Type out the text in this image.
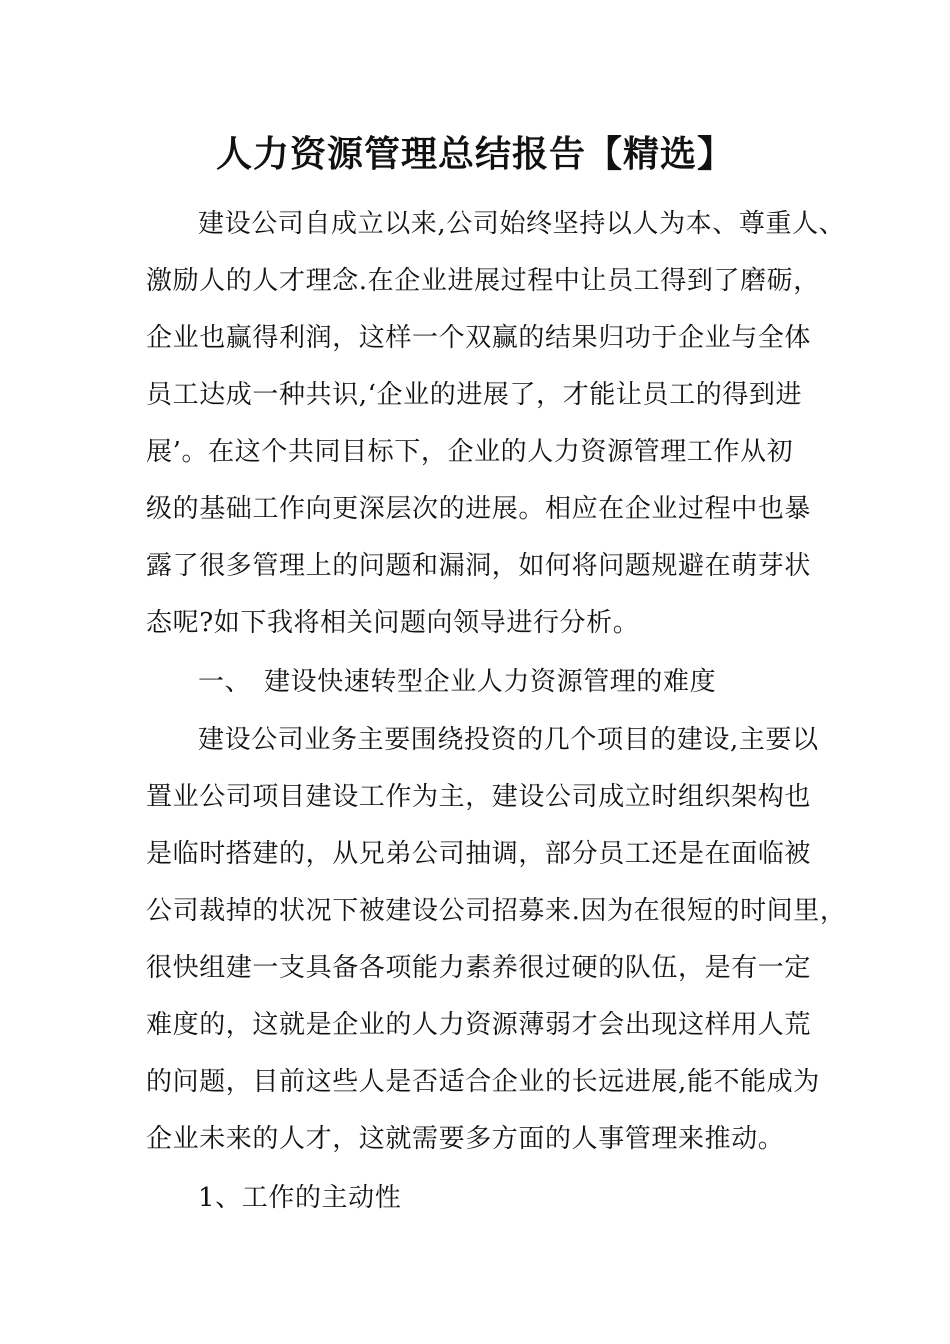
人力资源管理总结报告【精选】

建设公司自成立以来,公司始终坚持以人为本、尊重人、

激励人的人才理念.在企业进展过程中让员工得到了磨砺，

企业也赢得利润，这样一个双赢的结果归功于企业与全体

员工达成一种共识,‘企业的进展了，才能让员工的得到进

展’。在这个共同目标下，企业的人力资源管理工作从初

级的基础工作向更深层次的进展。相应在企业过程中也暴

露了很多管理上的问题和漏洞，如何将问题规避在萌芽状

态呢?如下我将相关问题向领导进行分析。

一、 建设快速转型企业人力资源管理的难度

建设公司业务主要围绕投资的几个项目的建设,主要以

置业公司项目建设工作为主，建设公司成立时组织架构也

是临时搭建的，从兄弟公司抽调，部分员工还是在面临被

公司裁掉的状况下被建设公司招募来.因为在很短的时间里，

很快组建一支具备各项能力素养很过硬的队伍，是有一定

难度的，这就是企业的人力资源薄弱才会出现这样用人荒

的问题，目前这些人是否适合企业的长远进展,能不能成为

企业未来的人才，这就需要多方面的人事管理来推动。

1、工作的主动性
